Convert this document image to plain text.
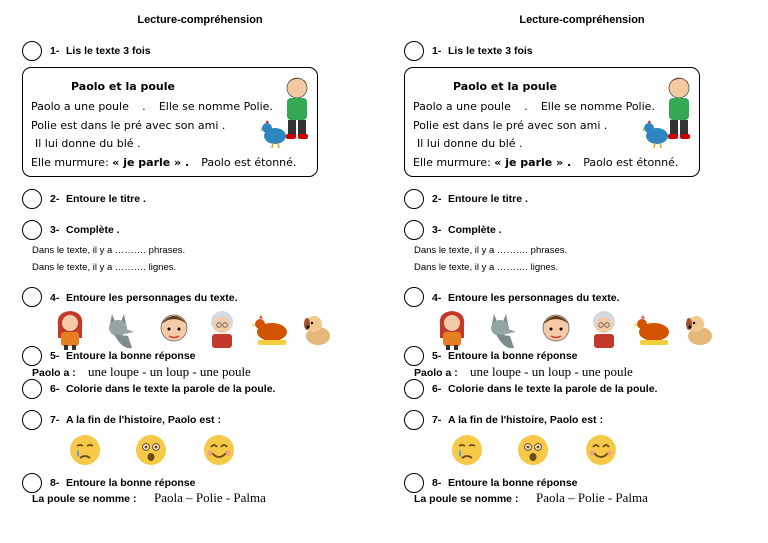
Lecture-compréhension
1- Lis le texte 3 fois
Paolo et la poule
Paolo a une poule . Elle se nomme Polie.
Polie est dans le pré avec son ami .
Il lui donne du blé .
Elle murmure: « je parle » . Paolo est étonné.
2- Entoure le titre .
3- Complète .
Dans le texte, il y a ………. phrases.
Dans le texte, il y a ………. lignes.
4- Entoure les personnages du texte.
5- Entoure la bonne réponse
Paolo a : une loupe - un loup - une poule
6- Colorie dans le texte la parole de la poule.
7- A la fin de l'histoire, Paolo est :
8- Entoure la bonne réponse
La poule se nomme : Paola – Polie - Palma
Lecture-compréhension
1- Lis le texte 3 fois
Paolo et la poule
Paolo a une poule . Elle se nomme Polie.
Polie est dans le pré avec son ami .
Il lui donne du blé .
Elle murmure: « je parle » . Paolo est étonné.
2- Entoure le titre .
3- Complète .
Dans le texte, il y a ………. phrases.
Dans le texte, il y a ………. lignes.
4- Entoure les personnages du texte.
5- Entoure la bonne réponse
Paolo a : une loupe - un loup - une poule
6- Colorie dans le texte la parole de la poule.
7- A la fin de l'histoire, Paolo est :
8- Entoure la bonne réponse
La poule se nomme : Paola – Polie - Palma
